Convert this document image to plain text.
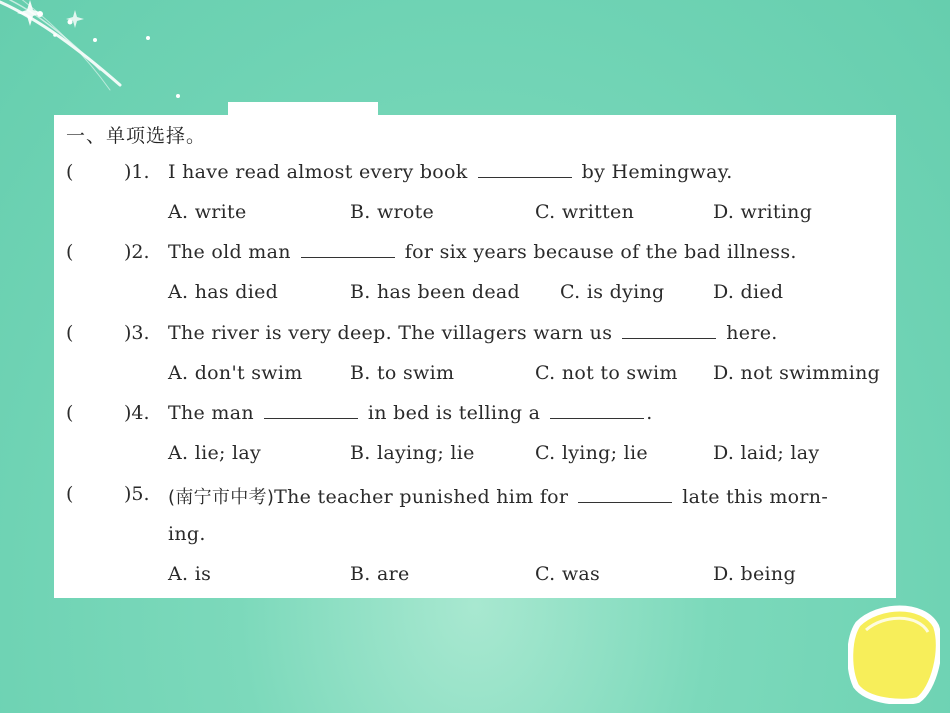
一、单项选择。
(	)1. I have read almost every book	by Hemingway.
A. write	B. wrote	C. written	D. writing
(	)2. The old man	for six years because of the bad illness.
A. has died	B. has been dead C. is dying	D. died
(	)3. The river is very deep. The villagers warn us	here.
A. don't swim B. to swim	C. not to swim D. not swimming
(	)4. The man	in bed is telling a	.
A. lie; lay	B. laying; lie	C. lying; lie	D. laid; lay
(	)5. (南宁市中考)The teacher punished him for	late this morn-
ing.
A. is	B. are	C. was	D. being
